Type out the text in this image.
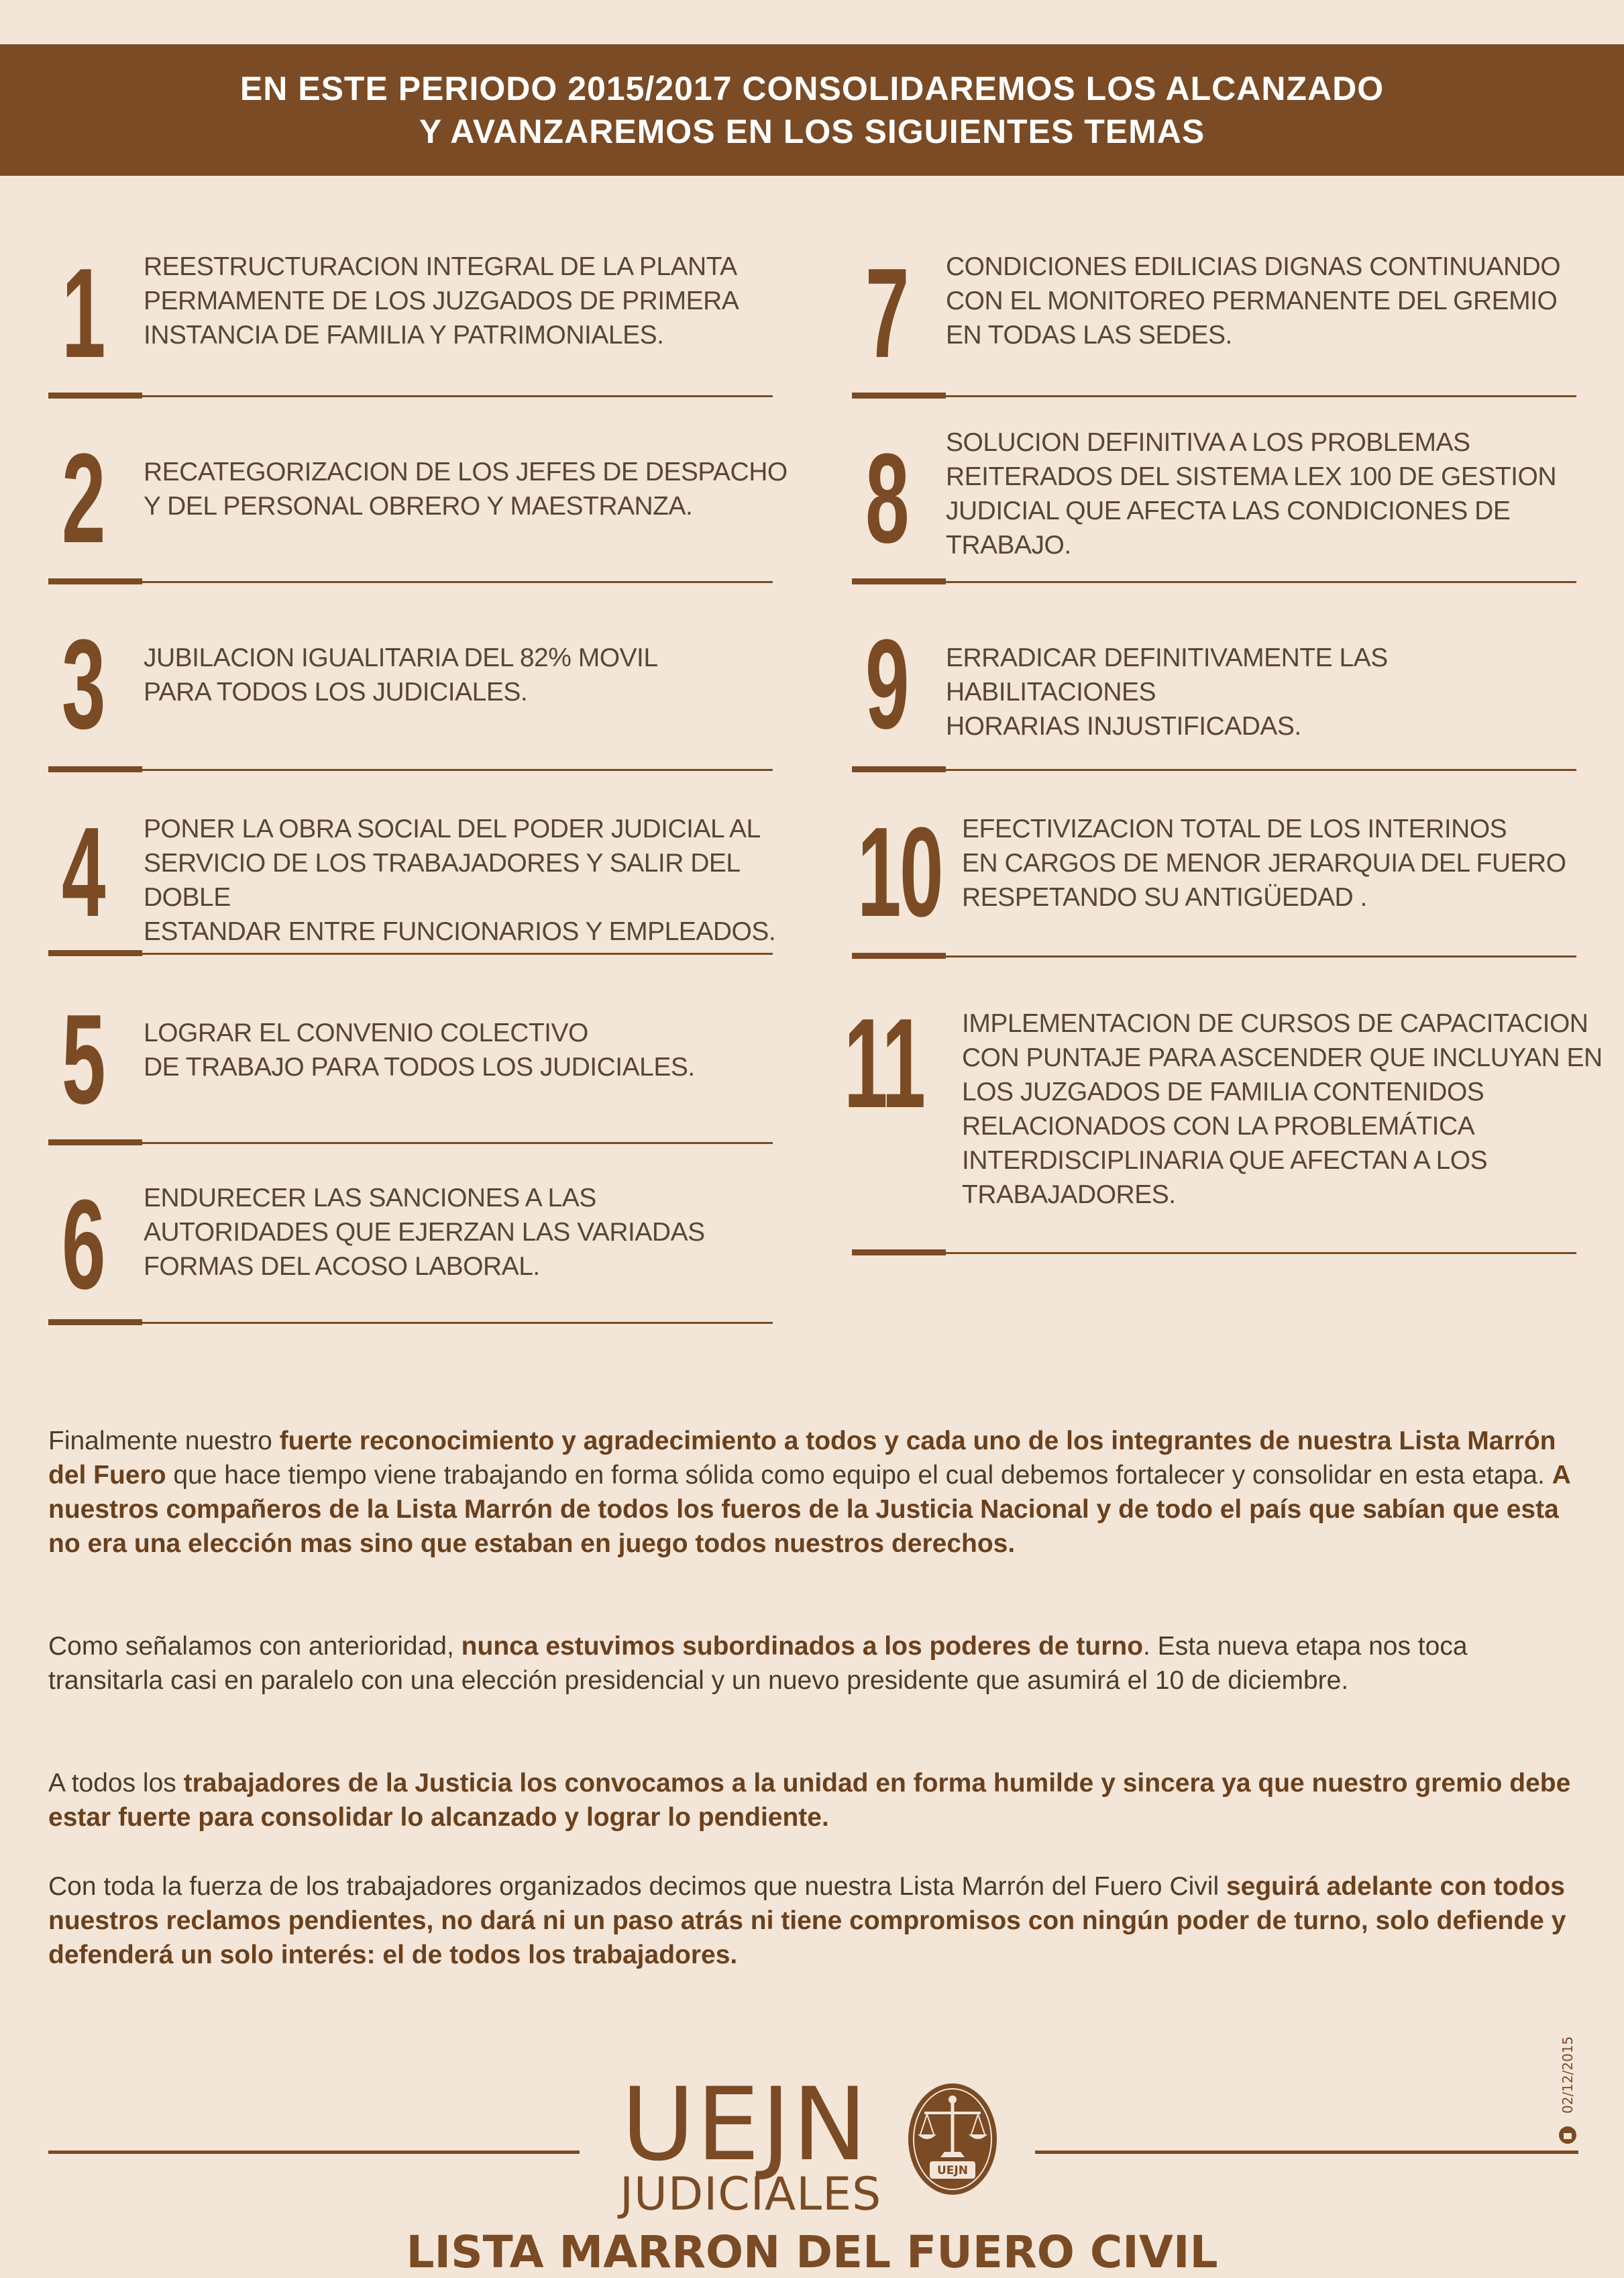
EN ESTE PERIODO 2015/2017 CONSOLIDAREMOS LOS ALCANZADO
Y AVANZAREMOS EN LOS SIGUIENTES TEMAS
1 REESTRUCTURACION INTEGRAL DE LA PLANTA
PERMAMENTE DE LOS JUZGADOS DE PRIMERA
INSTANCIA DE FAMILIA Y PATRIMONIALES.
2 RECATEGORIZACION DE LOS JEFES DE DESPACHO
Y DEL PERSONAL OBRERO Y MAESTRANZA.
3 JUBILACION IGUALITARIA DEL 82% MOVIL
PARA TODOS LOS JUDICIALES.
4 PONER LA OBRA SOCIAL DEL PODER JUDICIAL AL
SERVICIO DE LOS TRABAJADORES Y SALIR DEL DOBLE
ESTANDAR ENTRE FUNCIONARIOS Y EMPLEADOS.
5 LOGRAR EL CONVENIO COLECTIVO
DE TRABAJO PARA TODOS LOS JUDICIALES.
6 ENDURECER LAS SANCIONES A LAS
AUTORIDADES QUE EJERZAN LAS VARIADAS
FORMAS DEL ACOSO LABORAL.
7 CONDICIONES EDILICIAS DIGNAS CONTINUANDO
CON EL MONITOREO PERMANENTE DEL GREMIO
EN TODAS LAS SEDES.
8 SOLUCION DEFINITIVA A LOS PROBLEMAS
REITERADOS DEL SISTEMA LEX 100 DE GESTION
JUDICIAL QUE AFECTA LAS CONDICIONES DE
TRABAJO.
9 ERRADICAR DEFINITIVAMENTE LAS HABILITACIONES
HORARIAS INJUSTIFICADAS.
10 EFECTIVIZACION TOTAL DE LOS INTERINOS
EN CARGOS DE MENOR JERARQUIA DEL FUERO
RESPETANDO SU ANTIGÜEDAD .
11 IMPLEMENTACION DE CURSOS DE CAPACITACION
CON PUNTAJE PARA ASCENDER QUE INCLUYAN EN
LOS JUZGADOS DE FAMILIA CONTENIDOS
RELACIONADOS CON LA PROBLEMÁTICA
INTERDISCIPLINARIA QUE AFECTAN A LOS
TRABAJADORES.
Finalmente nuestro fuerte reconocimiento y agradecimiento a todos y cada uno de los integrantes de nuestra Lista Marrón del Fuero que hace tiempo viene trabajando en forma sólida como equipo el cual debemos fortalecer y consolidar en esta etapa. A nuestros compañeros de la Lista Marrón de todos los fueros de la Justicia Nacional y de todo el país que sabían que esta no era una elección mas sino que estaban en juego todos nuestros derechos.
Como señalamos con anterioridad, nunca estuvimos subordinados a los poderes de turno. Esta nueva etapa nos toca transitarla casi en paralelo con una elección presidencial y un nuevo presidente que asumirá el 10 de diciembre.
A todos los trabajadores de la Justicia los convocamos a la unidad en forma humilde y sincera ya que nuestro gremio debe estar fuerte para consolidar lo alcanzado y lograr lo pendiente.
Con toda la fuerza de los trabajadores organizados decimos que nuestra Lista Marrón del Fuero Civil seguirá adelante con todos nuestros reclamos pendientes, no dará ni un paso atrás ni tiene compromisos con ningún poder de turno, solo defiende y defenderá un solo interés: el de todos los trabajadores.
UEJN
JUDICIALES	UEJN
LISTA MARRON DEL FUERO CIVIL
02/12/2015
